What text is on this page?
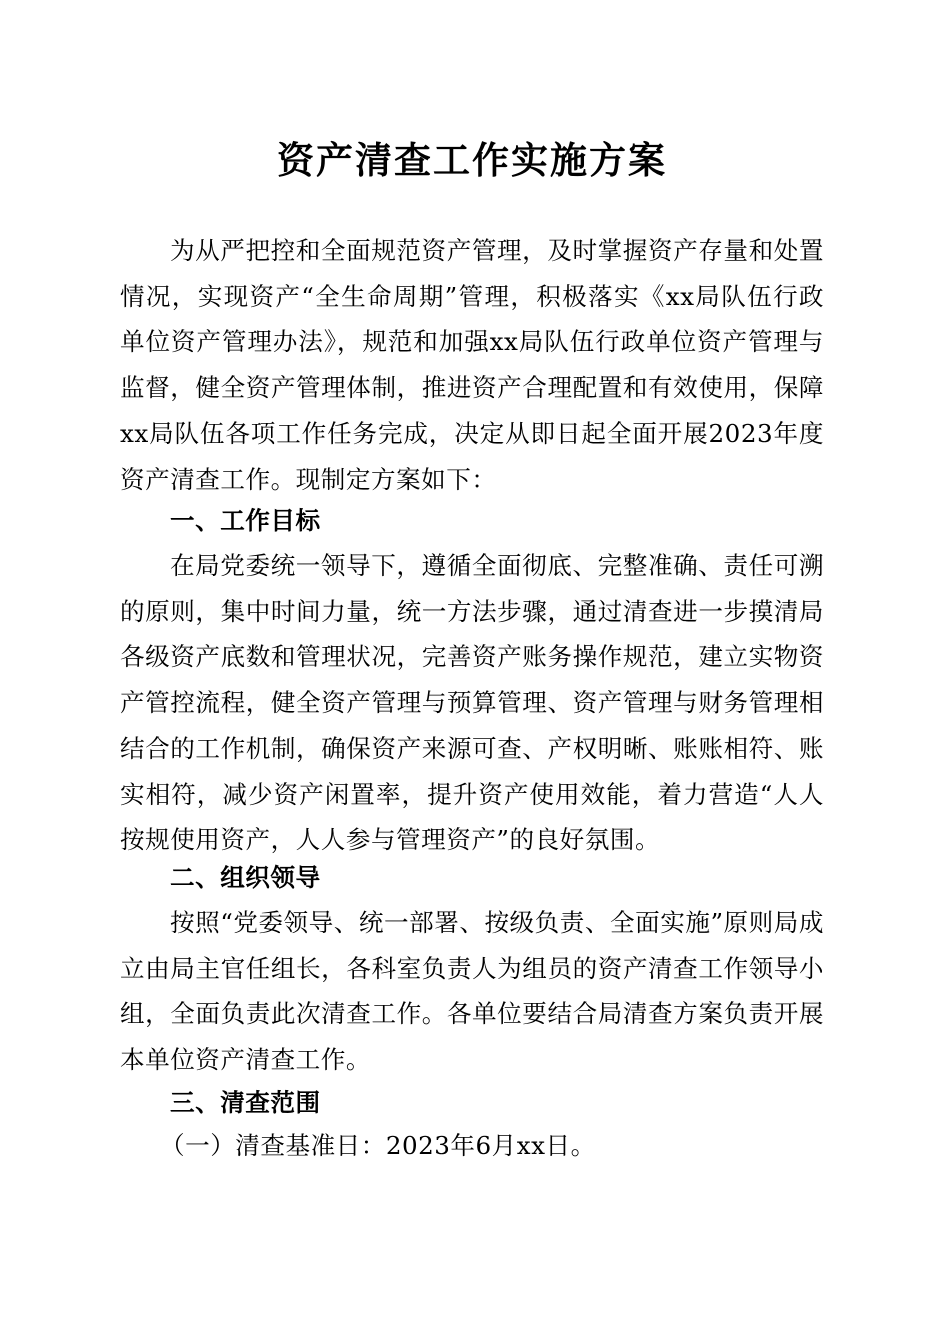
资产清查工作实施方案

为从严把控和全面规范资产管理，及时掌握资产存量和处置情况，实现资产“全生命周期”管理，积极落实《xx局队伍行政单位资产管理办法》，规范和加强xx局队伍行政单位资产管理与监督，健全资产管理体制，推进资产合理配置和有效使用，保障xx局队伍各项工作任务完成，决定从即日起全面开展2023年度资产清查工作。现制定方案如下：

一、工作目标

在局党委统一领导下，遵循全面彻底、完整准确、责任可溯的原则，集中时间力量，统一方法步骤，通过清查进一步摸清局各级资产底数和管理状况，完善资产账务操作规范，建立实物资产管控流程，健全资产管理与预算管理、资产管理与财务管理相结合的工作机制，确保资产来源可查、产权明晰、账账相符、账实相符，减少资产闲置率，提升资产使用效能，着力营造“人人按规使用资产，人人参与管理资产”的良好氛围。

二、组织领导

按照“党委领导、统一部署、按级负责、全面实施”原则局成立由局主官任组长，各科室负责人为组员的资产清查工作领导小组，全面负责此次清查工作。各单位要结合局清查方案负责开展本单位资产清查工作。

三、清查范围

（一）清查基准日：2023年6月xx日。
